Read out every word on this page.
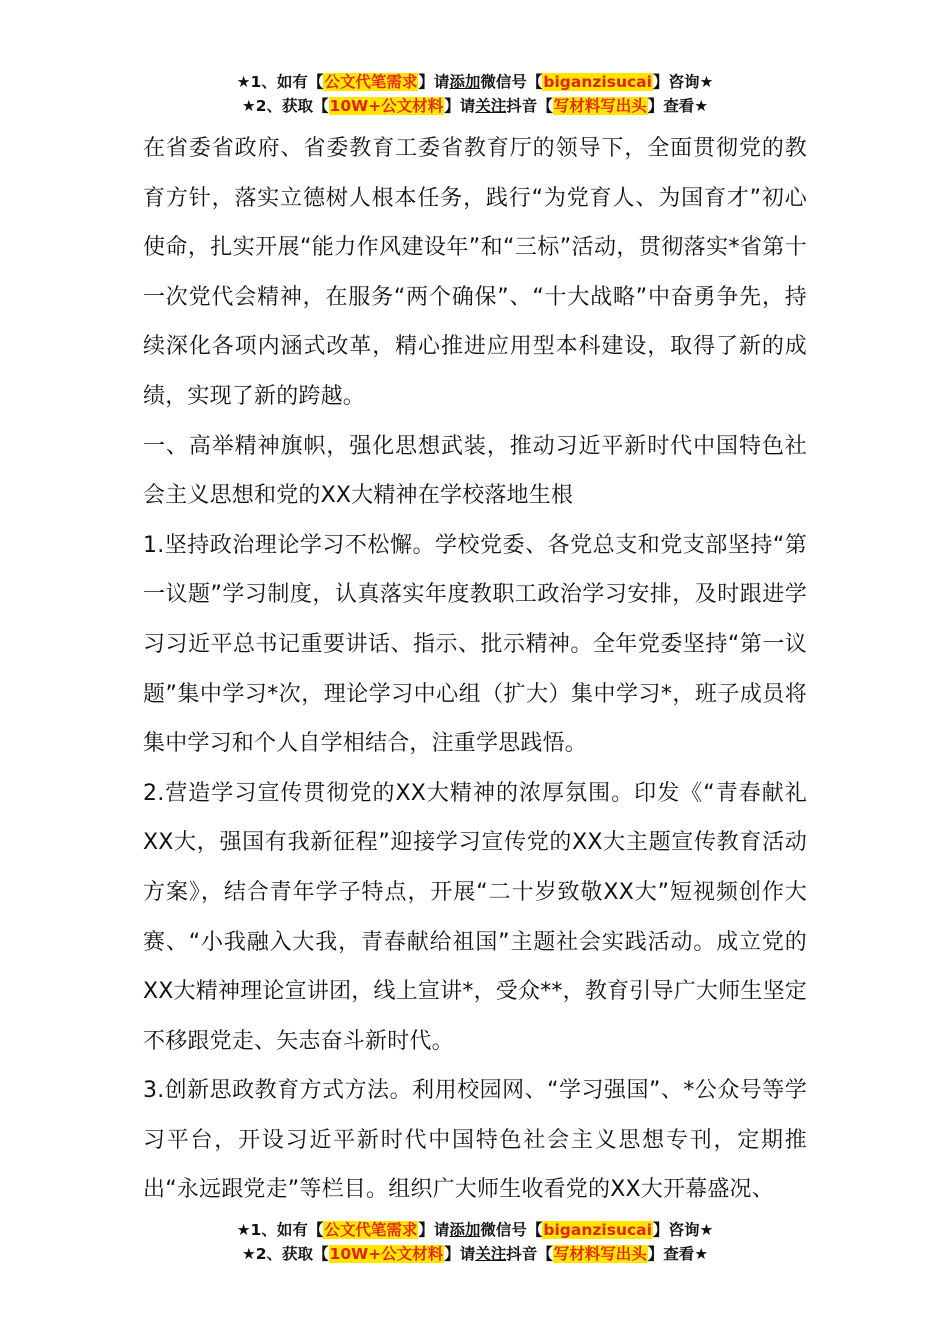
★1、如有【公文代笔需求】请添加微信号【biganzisucai】咨询★
★2、获取【10W+公文材料】请关注抖音【写材料写出头】查看★

在省委省政府、省委教育工委省教育厅的领导下，全面贯彻党的教育方针，落实立德树人根本任务，践行“为党育人、为国育才”初心使命，扎实开展“能力作风建设年”和“三标”活动，贯彻落实*省第十一次党代会精神，在服务“两个确保”、“十大战略”中奋勇争先，持续深化各项内涵式改革，精心推进应用型本科建设，取得了新的成绩，实现了新的跨越。

一、高举精神旗帜，强化思想武装，推动习近平新时代中国特色社会主义思想和党的XX大精神在学校落地生根

1.坚持政治理论学习不松懈。学校党委、各党总支和党支部坚持“第一议题”学习制度，认真落实年度教职工政治学习安排，及时跟进学习习近平总书记重要讲话、指示、批示精神。全年党委坚持“第一议题”集中学习*次，理论学习中心组（扩大）集中学习*，班子成员将集中学习和个人自学相结合，注重学思践悟。

2.营造学习宣传贯彻党的XX大精神的浓厚氛围。印发《“青春献礼XX大，强国有我新征程”迎接学习宣传党的XX大主题宣传教育活动方案》，结合青年学子特点，开展“二十岁致敬XX大”短视频创作大赛、“小我融入大我，青春献给祖国”主题社会实践活动。成立党的XX大精神理论宣讲团，线上宣讲*，受众**，教育引导广大师生坚定不移跟党走、矢志奋斗新时代。

3.创新思政教育方式方法。利用校园网、“学习强国”、*公众号等学习平台，开设习近平新时代中国特色社会主义思想专刊，定期推出“永远跟党走”等栏目。组织广大师生收看党的XX大开幕盛况、

★1、如有【公文代笔需求】请添加微信号【biganzisucai】咨询★
★2、获取【10W+公文材料】请关注抖音【写材料写出头】查看★
